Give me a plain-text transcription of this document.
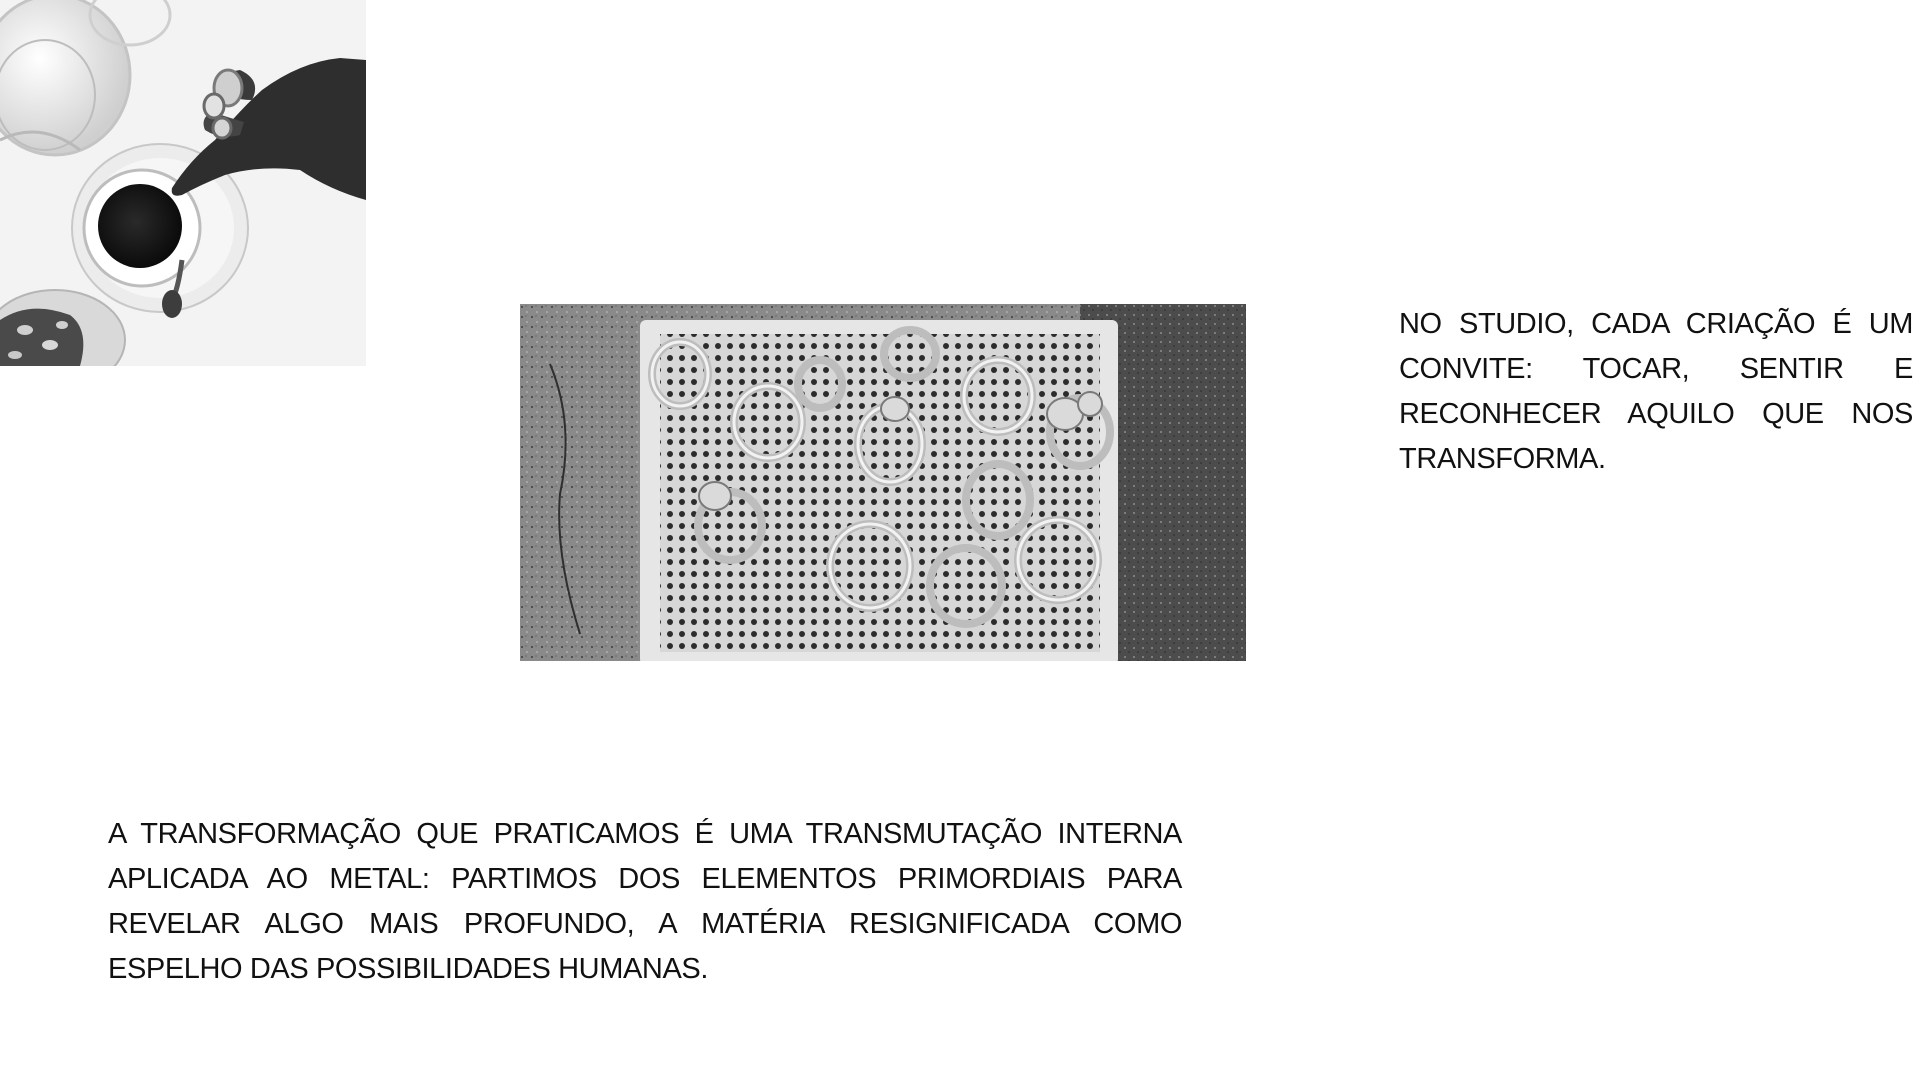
NO STUDIO, CADA CRIAÇÃO É UM CONVITE: TOCAR, SENTIR E RECONHECER AQUILO QUE NOS TRANSFORMA.

A TRANSFORMAÇÃO QUE PRATICAMOS É UMA TRANSMUTAÇÃO INTERNA APLICADA AO METAL: PARTIMOS DOS ELEMENTOS PRIMORDIAIS PARA REVELAR ALGO MAIS PROFUNDO, A MATÉRIA RESIGNIFICADA COMO ESPELHO DAS POSSIBILIDADES HUMANAS.
